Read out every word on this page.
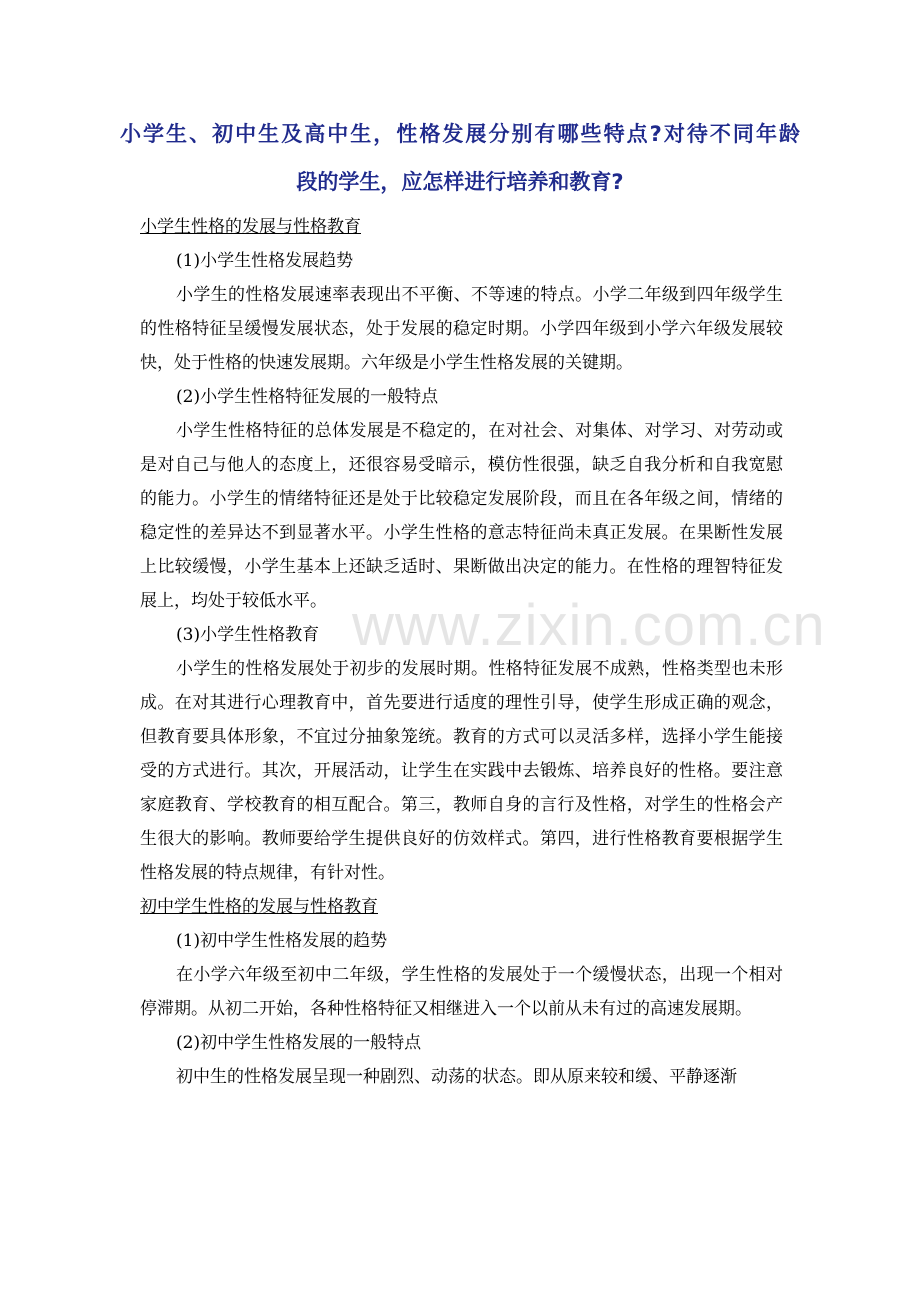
小学生、初中生及高中生，性格发展分别有哪些特点?对待不同年龄
段的学生，应怎样进行培养和教育?
小学生性格的发展与性格教育
(1)小学生性格发展趋势
小学生的性格发展速率表现出不平衡、不等速的特点。小学二年级到四年级学生的性格特征呈缓慢发展状态，处于发展的稳定时期。小学四年级到小学六年级发展较快，处于性格的快速发展期。六年级是小学生性格发展的关键期。
(2)小学生性格特征发展的一般特点
小学生性格特征的总体发展是不稳定的，在对社会、对集体、对学习、对劳动或是对自己与他人的态度上，还很容易受暗示，模仿性很强，缺乏自我分析和自我宽慰的能力。小学生的情绪特征还是处于比较稳定发展阶段，而且在各年级之间，情绪的稳定性的差异达不到显著水平。小学生性格的意志特征尚未真正发展。在果断性发展上比较缓慢，小学生基本上还缺乏适时、果断做出决定的能力。在性格的理智特征发展上，均处于较低水平。
(3)小学生性格教育
小学生的性格发展处于初步的发展时期。性格特征发展不成熟，性格类型也未形成。在对其进行心理教育中，首先要进行适度的理性引导，使学生形成正确的观念，但教育要具体形象，不宜过分抽象笼统。教育的方式可以灵活多样，选择小学生能接受的方式进行。其次，开展活动，让学生在实践中去锻炼、培养良好的性格。要注意家庭教育、学校教育的相互配合。第三，教师自身的言行及性格，对学生的性格会产生很大的影响。教师要给学生提供良好的仿效样式。第四，进行性格教育要根据学生性格发展的特点规律，有针对性。
初中学生性格的发展与性格教育
(1)初中学生性格发展的趋势
在小学六年级至初中二年级，学生性格的发展处于一个缓慢状态，出现一个相对停滞期。从初二开始，各种性格特征又相继进入一个以前从未有过的高速发展期。
(2)初中学生性格发展的一般特点
初中生的性格发展呈现一种剧烈、动荡的状态。即从原来较和缓、平静逐渐
www.zixin.com.cn
